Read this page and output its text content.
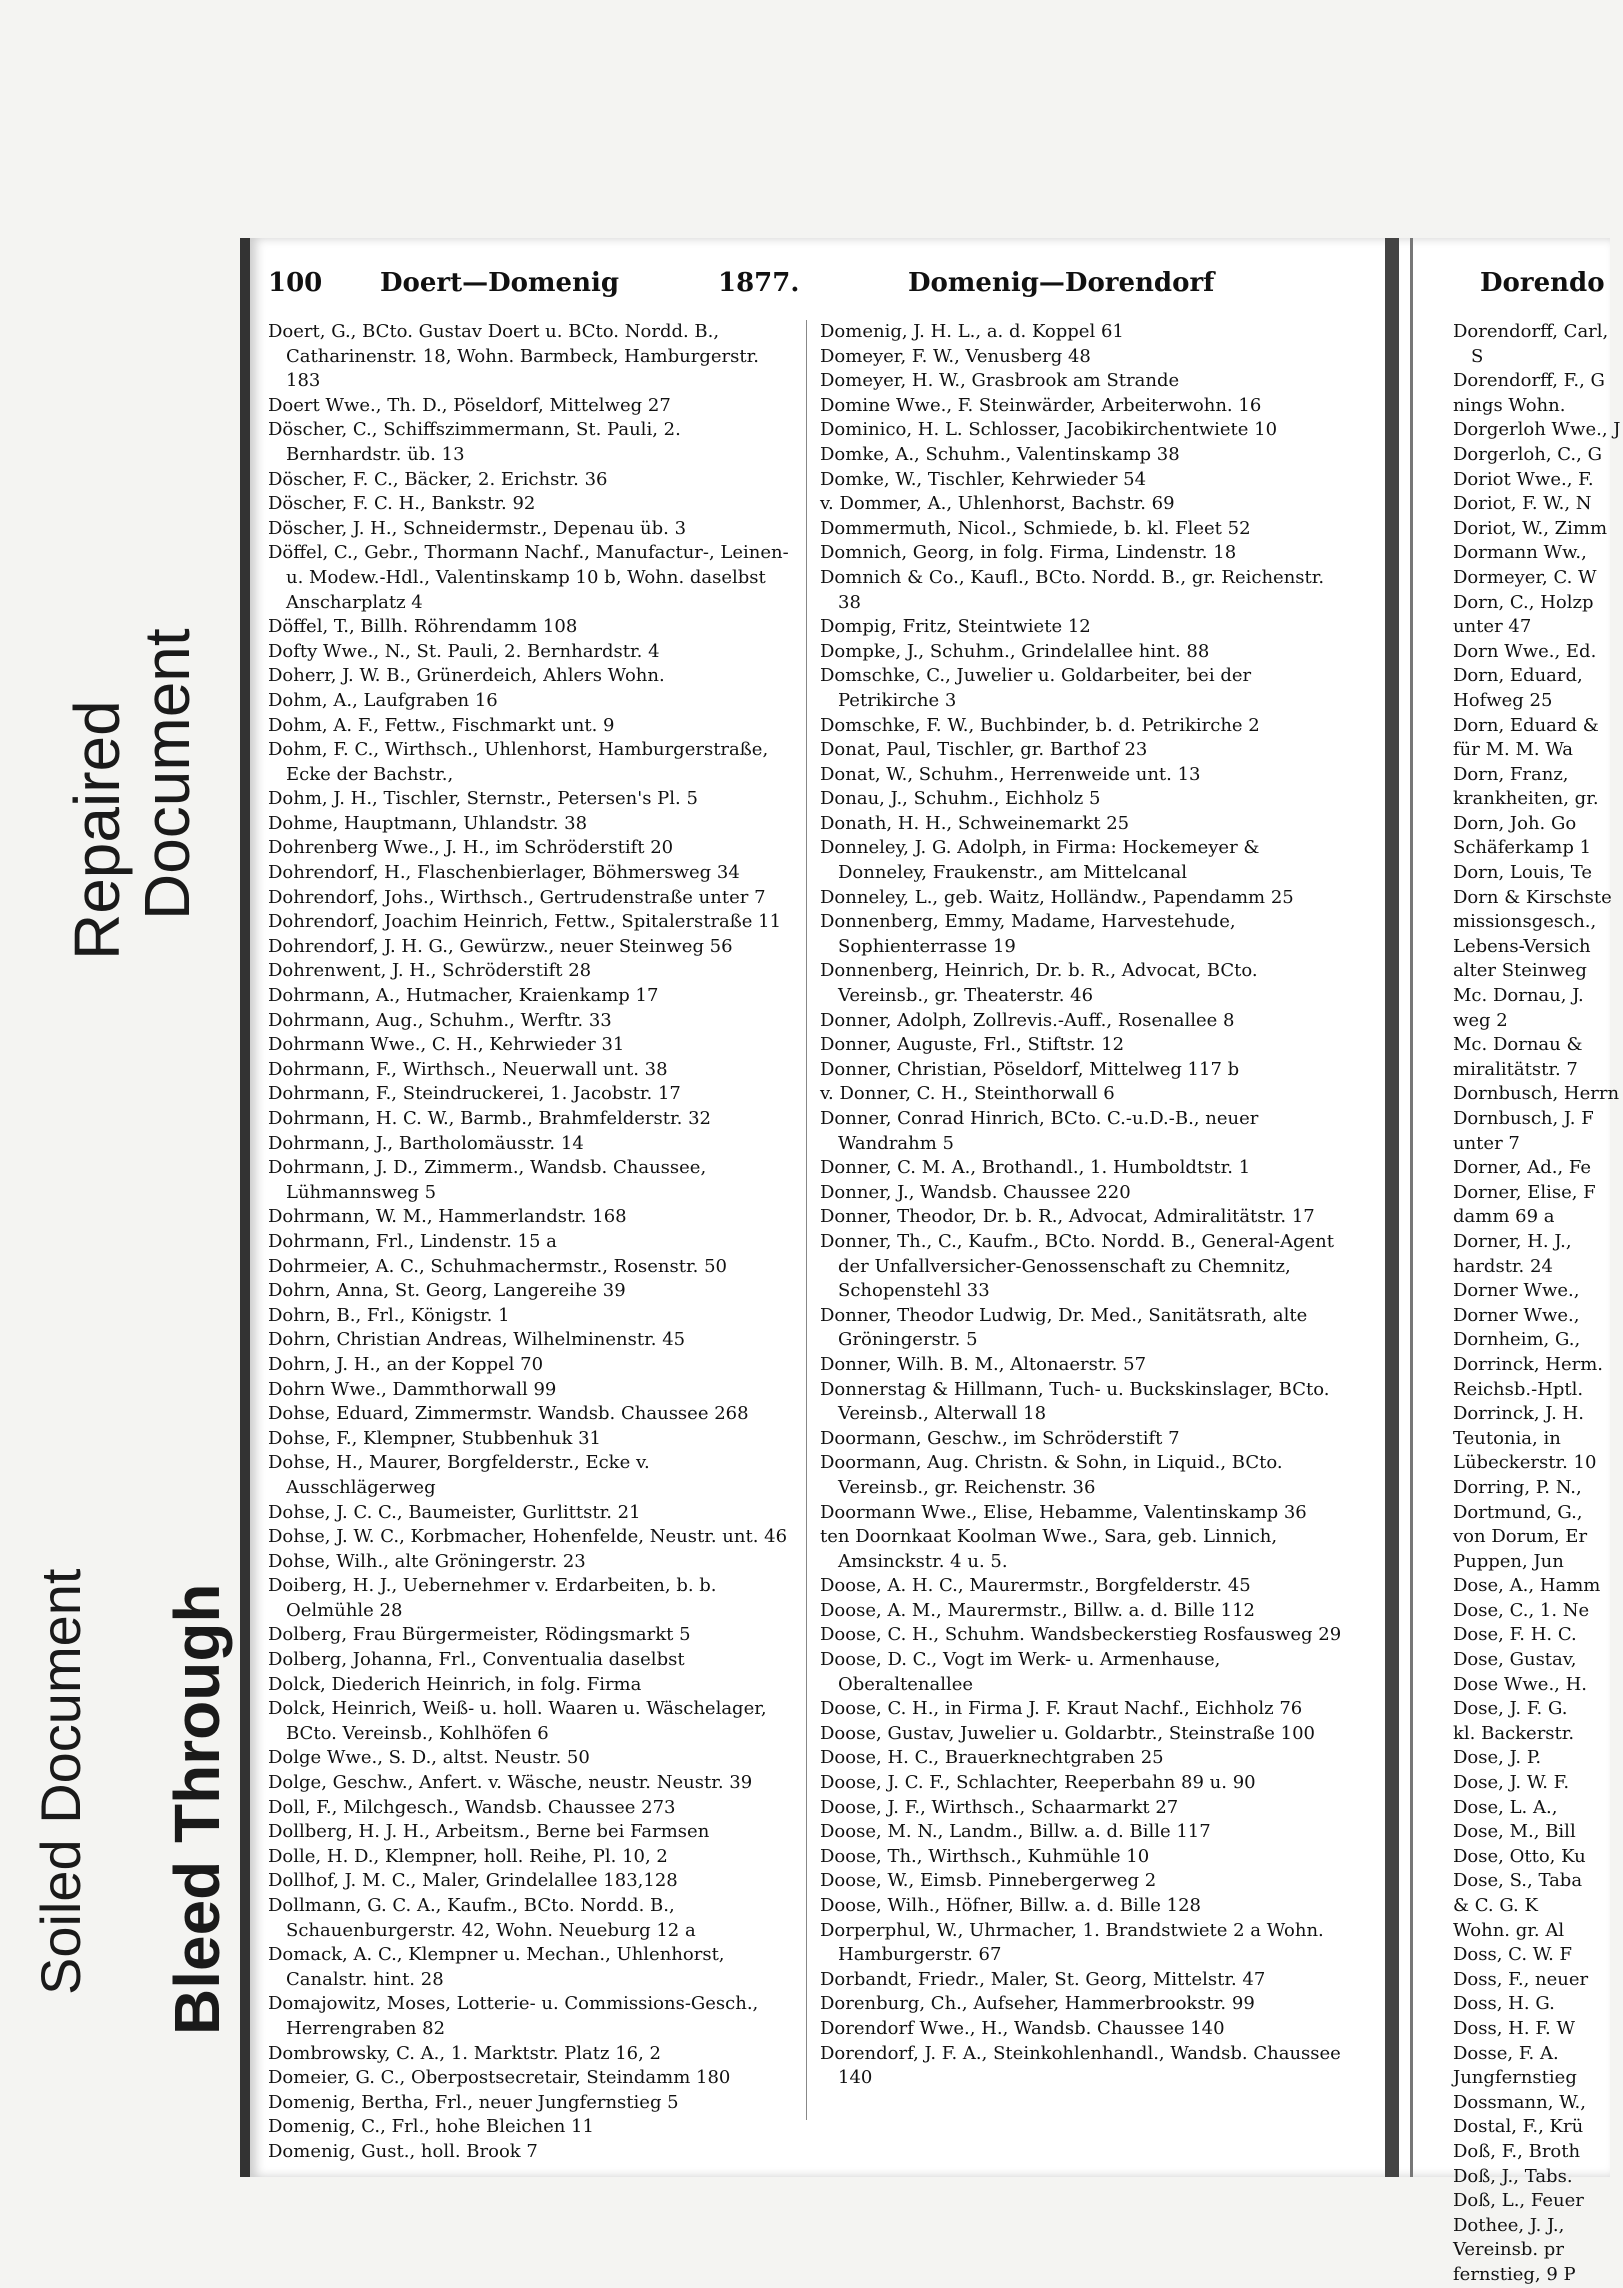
Repaired
Document
Soiled Document Bleed Through
Dorendo
100 Doert—Domenig	1877.	Domenig—Dorendorf

Doert, G., BCto. Gustav Doert u. BCto. Nordd. B., Catharinenstr. 18, Wohn. Barmbeck, Hamburgerstr. 183

Doert Wwe., Th. D., Pöseldorf, Mittelweg 27

Döscher, C., Schiffszimmermann, St. Pauli, 2. Bernhardstr. üb. 13

Döscher, F. C., Bäcker, 2. Erichstr. 36

Döscher, F. C. H., Bankstr. 92

Döscher, J. H., Schneidermstr., Depenau üb. 3

Döffel, C., Gebr., Thormann Nachf., Manufactur-, Leinen- u. Modew.-Hdl., Valentinskamp 10 b, Wohn. daselbst Anscharplatz 4

Döffel, T., Billh. Röhrendamm 108

Dofty Wwe., N., St. Pauli, 2. Bernhardstr. 4

Doherr, J. W. B., Grünerdeich, Ahlers Wohn.

Dohm, A., Laufgraben 16

Dohm, A. F., Fettw., Fischmarkt unt. 9

Dohm, F. C., Wirthsch., Uhlenhorst, Hamburgerstraße, Ecke der Bachstr.,

Dohm, J. H., Tischler, Sternstr., Petersen's Pl. 5

Dohme, Hauptmann, Uhlandstr. 38

Dohrenberg Wwe., J. H., im Schröderstift 20

Dohrendorf, H., Flaschenbierlager, Böhmersweg 34

Dohrendorf, Johs., Wirthsch., Gertrudenstraße unter 7

Dohrendorf, Joachim Heinrich, Fettw., Spitalerstraße 11

Dohrendorf, J. H. G., Gewürzw., neuer Steinweg 56

Dohrenwent, J. H., Schröderstift 28

Dohrmann, A., Hutmacher, Kraienkamp 17

Dohrmann, Aug., Schuhm., Werftr. 33

Dohrmann Wwe., C. H., Kehrwieder 31

Dohrmann, F., Wirthsch., Neuerwall unt. 38

Dohrmann, F., Steindruckerei, 1. Jacobstr. 17

Dohrmann, H. C. W., Barmb., Brahmfelderstr. 32

Dohrmann, J., Bartholomäusstr. 14

Dohrmann, J. D., Zimmerm., Wandsb. Chaussee, Lühmannsweg 5

Dohrmann, W. M., Hammerlandstr. 168

Dohrmann, Frl., Lindenstr. 15 a

Dohrmeier, A. C., Schuhmachermstr., Rosenstr. 50

Dohrn, Anna, St. Georg, Langereihe 39

Dohrn, B., Frl., Königstr. 1

Dohrn, Christian Andreas, Wilhelminenstr. 45

Dohrn, J. H., an der Koppel 70

Dohrn Wwe., Dammthorwall 99

Dohse, Eduard, Zimmermstr. Wandsb. Chaussee 268

Dohse, F., Klempner, Stubbenhuk 31

Dohse, H., Maurer, Borgfelderstr., Ecke v. Ausschlägerweg

Dohse, J. C. C., Baumeister, Gurlittstr. 21

Dohse, J. W. C., Korbmacher, Hohenfelde, Neustr. unt. 46

Dohse, Wilh., alte Gröningerstr. 23

Doiberg, H. J., Uebernehmer v. Erdarbeiten, b. b. Oelmühle 28

Dolberg, Frau Bürgermeister, Rödingsmarkt 5

Dolberg, Johanna, Frl., Conventualia daselbst

Dolck, Diederich Heinrich, in folg. Firma

Dolck, Heinrich, Weiß- u. holl. Waaren u. Wäschelager, BCto. Vereinsb., Kohlhöfen 6

Dolge Wwe., S. D., altst. Neustr. 50

Dolge, Geschw., Anfert. v. Wäsche, neustr. Neustr. 39

Doll, F., Milchgesch., Wandsb. Chaussee 273

Dollberg, H. J. H., Arbeitsm., Berne bei Farmsen

Dolle, H. D., Klempner, holl. Reihe, Pl. 10, 2

Dollhof, J. M. C., Maler, Grindelallee 183,128

Dollmann, G. C. A., Kaufm., BCto. Nordd. B., Schauenburgerstr. 42, Wohn. Neueburg 12 a

Domack, A. C., Klempner u. Mechan., Uhlenhorst, Canalstr. hint. 28

Domajowitz, Moses, Lotterie- u. Commissions-Gesch., Herrengraben 82

Dombrowsky, C. A., 1. Marktstr. Platz 16, 2

Domeier, G. C., Oberpostsecretair, Steindamm 180

Domenig, Bertha, Frl., neuer Jungfernstieg 5

Domenig, C., Frl., hohe Bleichen 11

Domenig, Gust., holl. Brook 7

Domenig, J. H. L., a. d. Koppel 61

Domeyer, F. W., Venusberg 48

Domeyer, H. W., Grasbrook am Strande

Domine Wwe., F. Steinwärder, Arbeiterwohn. 16

Dominico, H. L. Schlosser, Jacobikirchentwiete 10

Domke, A., Schuhm., Valentinskamp 38

Domke, W., Tischler, Kehrwieder 54

v. Dommer, A., Uhlenhorst, Bachstr. 69

Dommermuth, Nicol., Schmiede, b. kl. Fleet 52

Domnich, Georg, in folg. Firma, Lindenstr. 18

Domnich & Co., Kaufl., BCto. Nordd. B., gr. Reichenstr. 38

Dompig, Fritz, Steintwiete 12

Dompke, J., Schuhm., Grindelallee hint. 88

Domschke, C., Juwelier u. Goldarbeiter, bei der Petrikirche 3

Domschke, F. W., Buchbinder, b. d. Petrikirche 2

Donat, Paul, Tischler, gr. Barthof 23

Donat, W., Schuhm., Herrenweide unt. 13

Donau, J., Schuhm., Eichholz 5

Donath, H. H., Schweinemarkt 25

Donneley, J. G. Adolph, in Firma: Hockemeyer & Donneley, Fraukenstr., am Mittelcanal

Donneley, L., geb. Waitz, Holländw., Papendamm 25

Donnenberg, Emmy, Madame, Harvestehude, Sophienterrasse 19

Donnenberg, Heinrich, Dr. b. R., Advocat, BCto. Vereinsb., gr. Theaterstr. 46

Donner, Adolph, Zollrevis.-Auff., Rosenallee 8

Donner, Auguste, Frl., Stiftstr. 12

Donner, Christian, Pöseldorf, Mittelweg 117 b

v. Donner, C. H., Steinthorwall 6

Donner, Conrad Hinrich, BCto. C.-u.D.-B., neuer Wandrahm 5

Donner, C. M. A., Brothandl., 1. Humboldtstr. 1

Donner, J., Wandsb. Chaussee 220

Donner, Theodor, Dr. b. R., Advocat, Admiralitätstr. 17

Donner, Th., C., Kaufm., BCto. Nordd. B., General-Agent der Unfallversicher-Genossenschaft zu Chemnitz, Schopenstehl 33

Donner, Theodor Ludwig, Dr. Med., Sanitätsrath, alte Gröningerstr. 5

Donner, Wilh. B. M., Altonaerstr. 57

Donnerstag & Hillmann, Tuch- u. Buckskinslager, BCto. Vereinsb., Alterwall 18

Doormann, Geschw., im Schröderstift 7

Doormann, Aug. Christn. & Sohn, in Liquid., BCto. Vereinsb., gr. Reichenstr. 36

Doormann Wwe., Elise, Hebamme, Valentinskamp 36

ten Doornkaat Koolman Wwe., Sara, geb. Linnich, Amsinckstr. 4 u. 5.

Doose, A. H. C., Maurermstr., Borgfelderstr. 45

Doose, A. M., Maurermstr., Billw. a. d. Bille 112

Doose, C. H., Schuhm. Wandsbeckerstieg Rosfausweg 29

Doose, D. C., Vogt im Werk- u. Armenhause, Oberaltenallee

Doose, C. H., in Firma J. F. Kraut Nachf., Eichholz 76

Doose, Gustav, Juwelier u. Goldarbtr., Steinstraße 100

Doose, H. C., Brauerknechtgraben 25

Doose, J. C. F., Schlachter, Reeperbahn 89 u. 90

Doose, J. F., Wirthsch., Schaarmarkt 27

Doose, M. N., Landm., Billw. a. d. Bille 117

Doose, Th., Wirthsch., Kuhmühle 10

Doose, W., Eimsb. Pinnebergerweg 2

Doose, Wilh., Höfner, Billw. a. d. Bille 128

Dorperphul, W., Uhrmacher, 1. Brandstwiete 2 a Wohn. Hamburgerstr. 67

Dorbandt, Friedr., Maler, St. Georg, Mittelstr. 47

Dorenburg, Ch., Aufseher, Hammerbrookstr. 99

Dorendorf Wwe., H., Wandsb. Chaussee 140

Dorendorf, J. F. A., Steinkohlenhandl., Wandsb. Chaussee 140

Dorendorff, Carl, S

Dorendorff, F., G

nings Wohn.

Dorgerloh Wwe., J

Dorgerloh, C., G

Doriot Wwe., F.

Doriot, F. W., N

Doriot, W., Zimm

Dormann Ww.,

Dormeyer, C. W

Dorn, C., Holzp

unter 47

Dorn Wwe., Ed.

Dorn, Eduard,

Hofweg 25

Dorn, Eduard &

für M. M. Wa

Dorn, Franz,

krankheiten, gr.

Dorn, Joh. Go

Schäferkamp 1

Dorn, Louis, Te

Dorn & Kirschste

missionsgesch.,

Lebens-Versich

alter Steinweg

Mc. Dornau, J.

weg 2

Mc. Dornau &

miralitätstr. 7

Dornbusch, Herrn

Dornbusch, J. F

unter 7

Dorner, Ad., Fe

Dorner, Elise, F

damm 69 a

Dorner, H. J.,

hardstr. 24

Dorner Wwe.,

Dorner Wwe.,

Dornheim, G.,

Dorrinck, Herm.

Reichsb.-Hptl.

Dorrinck, J. H.

Teutonia, in

Lübeckerstr. 10

Dorring, P. N.,

Dortmund, G.,

von Dorum, Er

Puppen, Jun

Dose, A., Hamm

Dose, C., 1. Ne

Dose, F. H. C.

Dose, Gustav,

Dose Wwe., H.

Dose, J. F. G.

kl. Backerstr.

Dose, J. P.

Dose, J. W. F.

Dose, L. A.,

Dose, M., Bill

Dose, Otto, Ku

Dose, S., Taba

& C. G. K

Wohn. gr. Al

Doss, C. W. F

Doss, F., neuer

Doss, H. G.

Doss, H. F. W

Dosse, F. A.

Jungfernstieg

Dossmann, W.,

Dostal, F., Krü

Doß, F., Broth

Doß, J., Tabs.

Doß, L., Feuer

Dothee, J. J.,

Vereinsb. pr

fernstieg, 9 P
